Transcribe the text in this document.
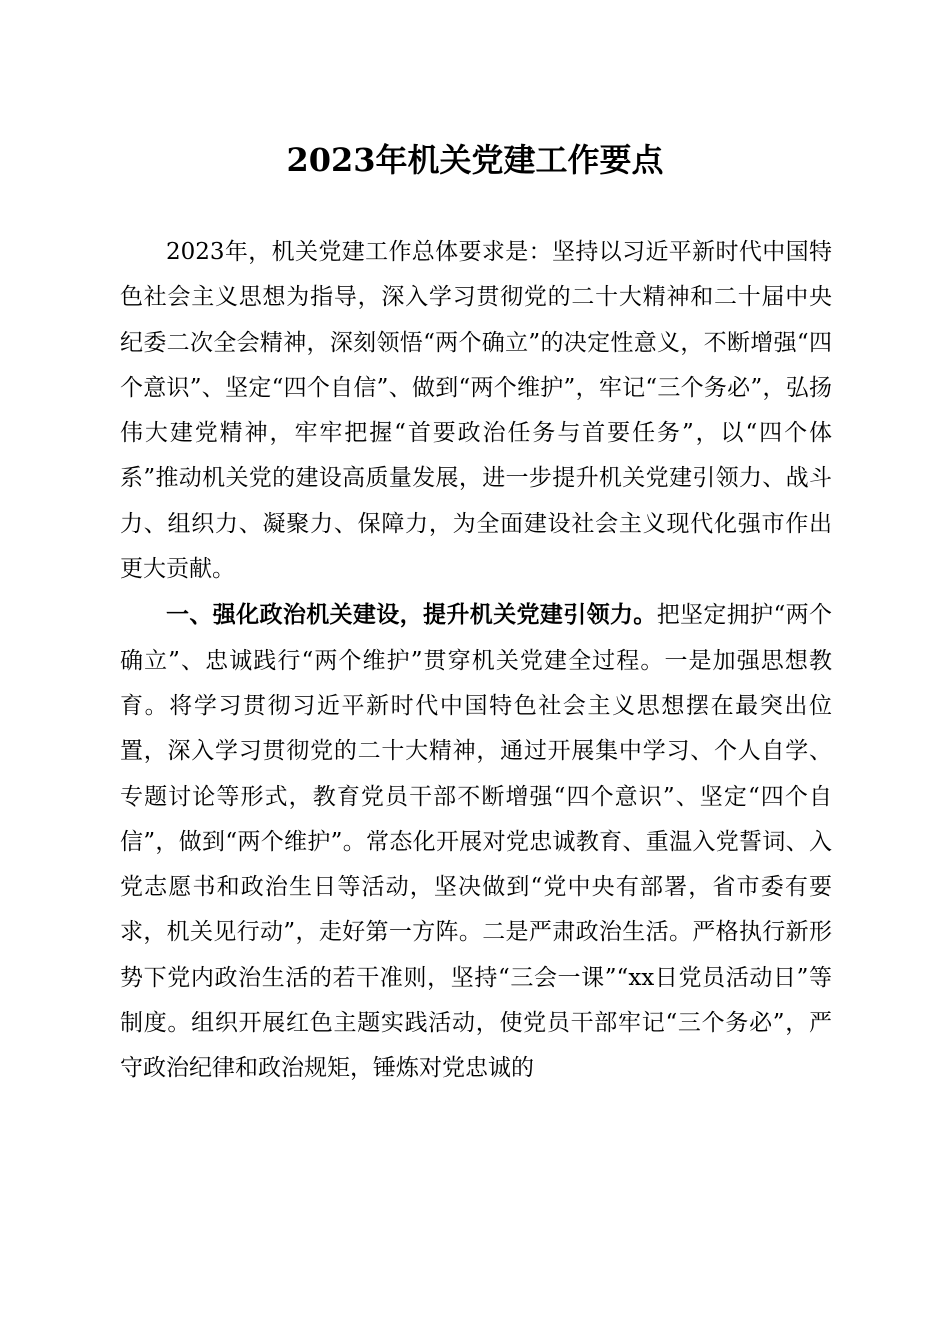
2023年机关党建工作要点

2023年，机关党建工作总体要求是：坚持以习近平新时代中国特色社会主义思想为指导，深入学习贯彻党的二十大精神和二十届中央纪委二次全会精神，深刻领悟“两个确立”的决定性意义，不断增强“四个意识”、坚定“四个自信”、做到“两个维护”，牢记“三个务必”，弘扬伟大建党精神，牢牢把握“首要政治任务与首要任务”，以“四个体系”推动机关党的建设高质量发展，进一步提升机关党建引领力、战斗力、组织力、凝聚力、保障力，为全面建设社会主义现代化强市作出更大贡献。

一、强化政治机关建设，提升机关党建引领力。把坚定拥护“两个确立”、忠诚践行“两个维护”贯穿机关党建全过程。一是加强思想教育。将学习贯彻习近平新时代中国特色社会主义思想摆在最突出位置，深入学习贯彻党的二十大精神，通过开展集中学习、个人自学、专题讨论等形式，教育党员干部不断增强“四个意识”、坚定“四个自信”，做到“两个维护”。常态化开展对党忠诚教育、重温入党誓词、入党志愿书和政治生日等活动，坚决做到“党中央有部署，省市委有要求，机关见行动”，走好第一方阵。二是严肃政治生活。严格执行新形势下党内政治生活的若干准则，坚持“三会一课”“xx日党员活动日”等制度。组织开展红色主题实践活动，使党员干部牢记“三个务必”，严守政治纪律和政治规矩，锤炼对党忠诚的
